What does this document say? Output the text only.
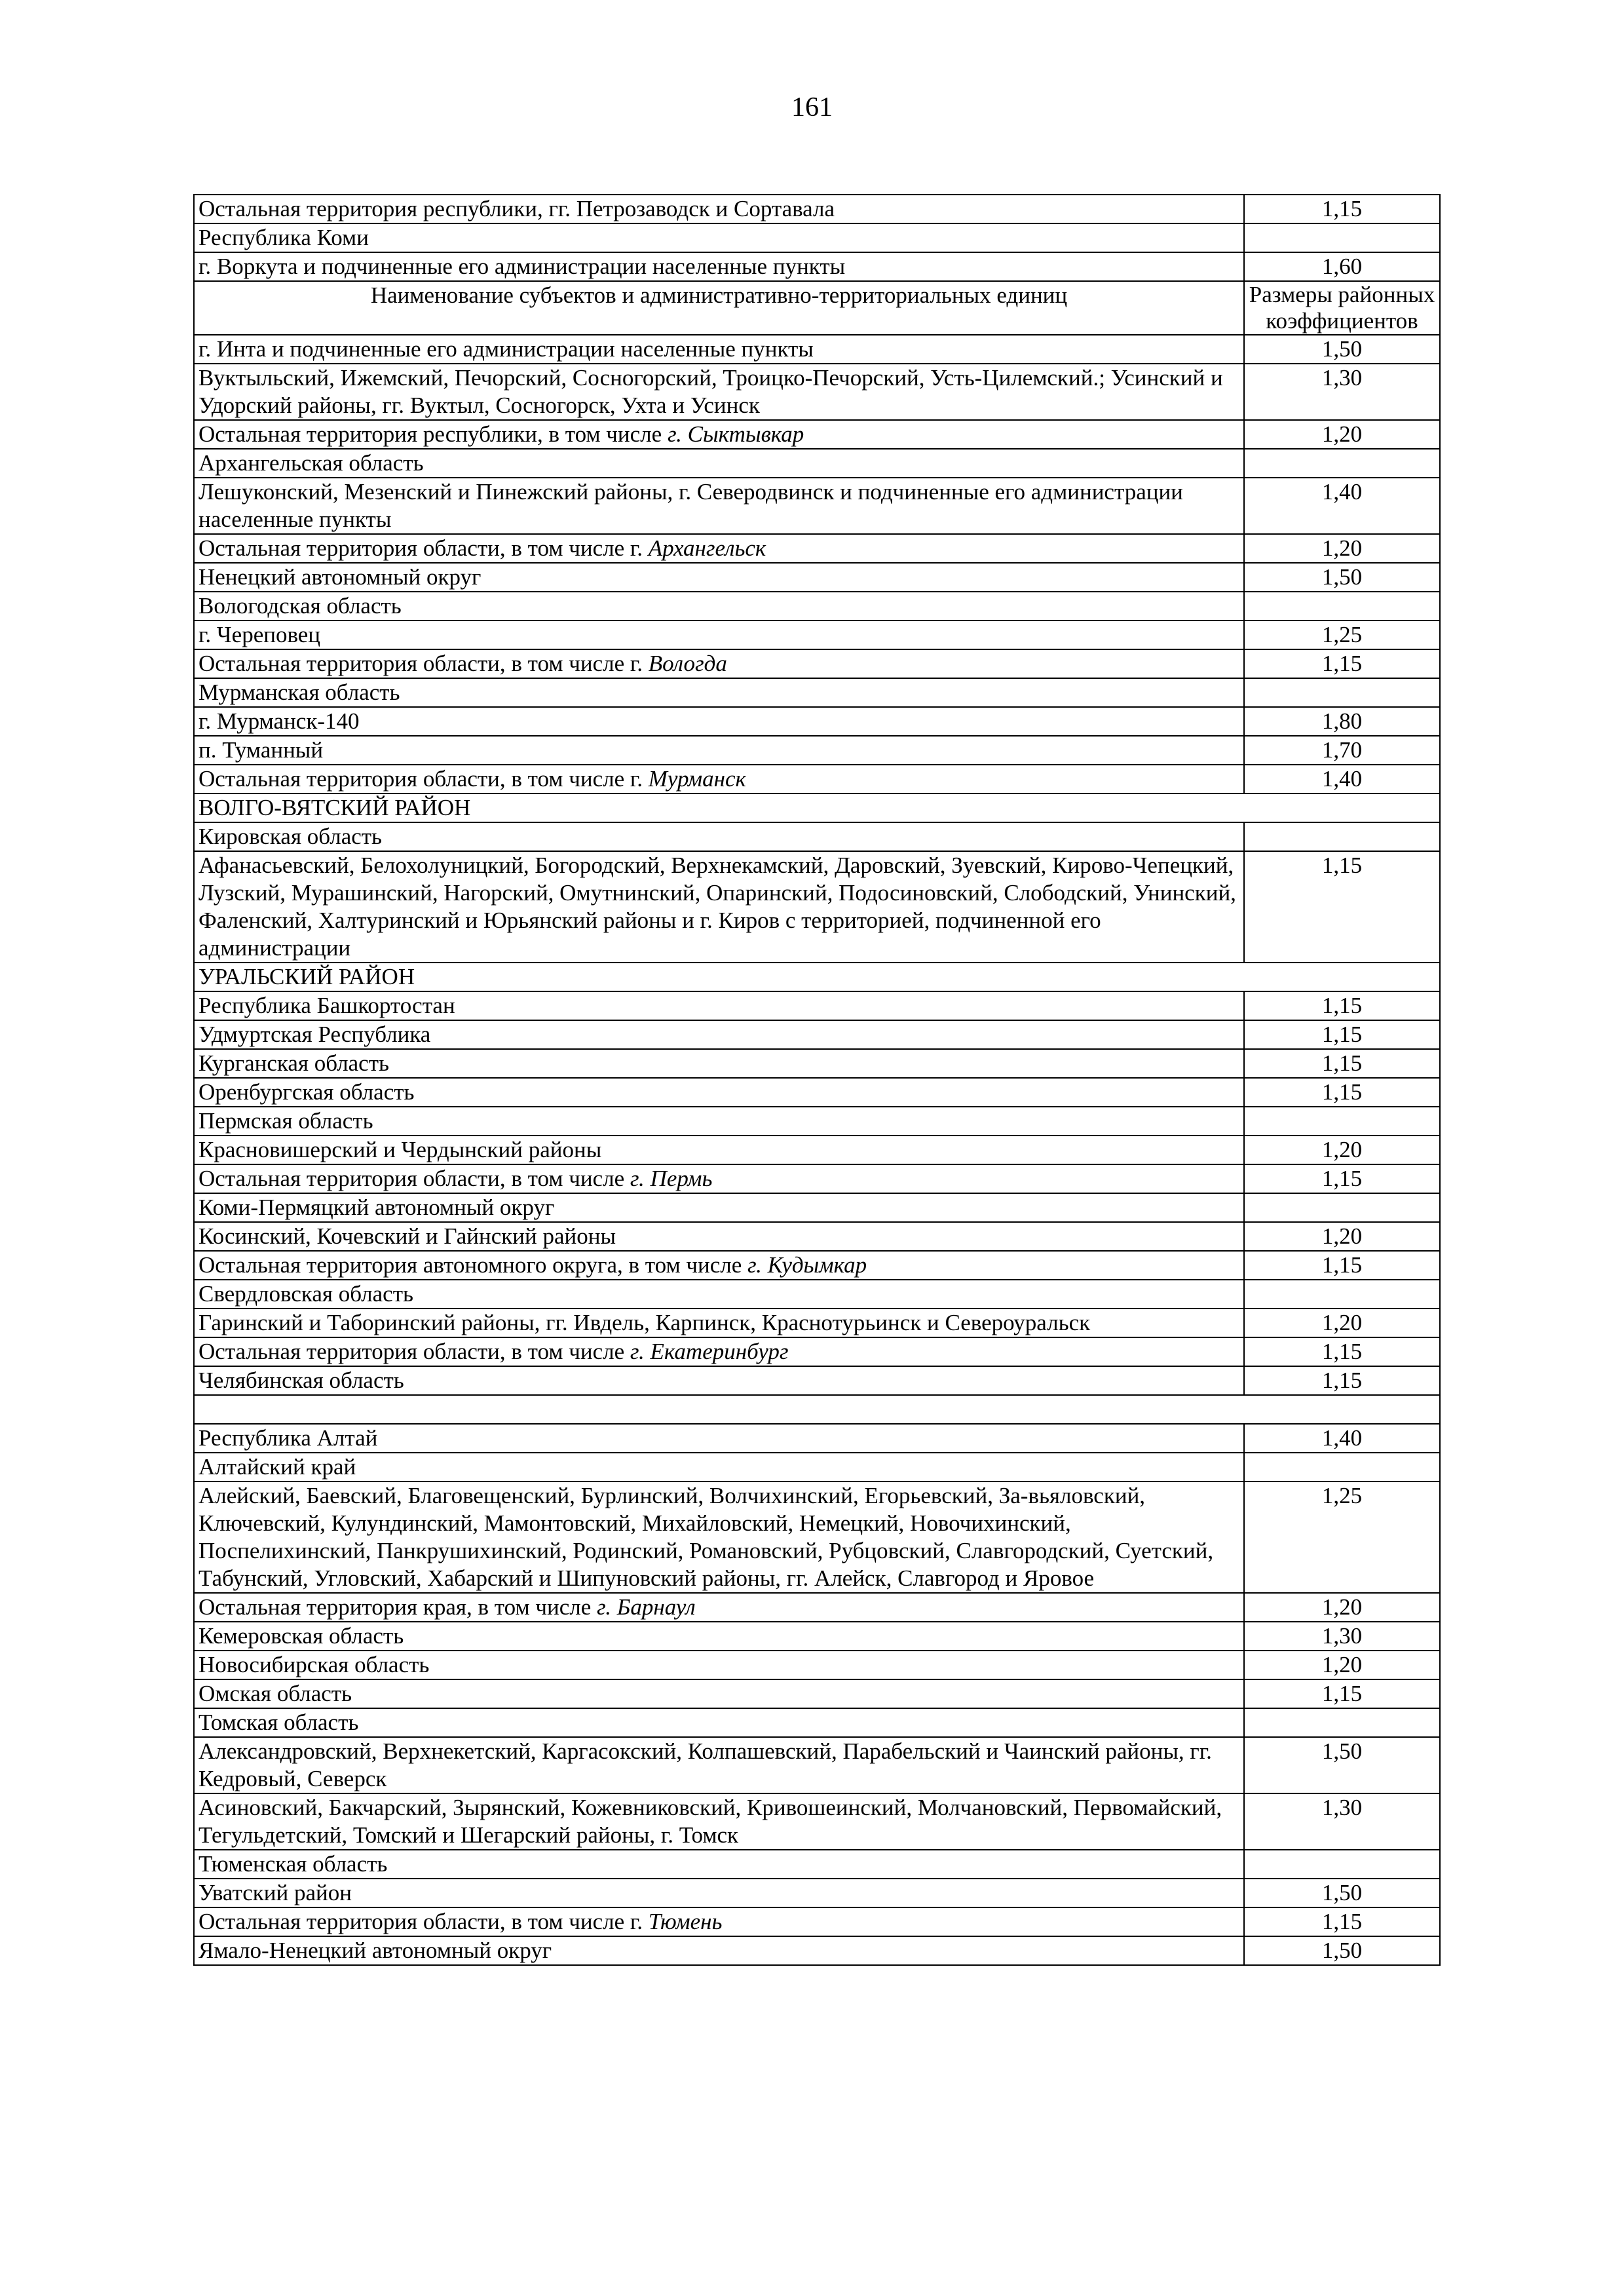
161
Остальная территория республики, гг. Петрозаводск и Сортавала	1,15
Республика Коми	
г. Воркута и подчиненные его администрации населенные пункты	1,60
Наименование субъектов и административно-территориальных единиц	Размеры районных коэффициентов
г. Инта и подчиненные его администрации населенные пункты	1,50
Вуктыльский, Ижемский, Печорский, Сосногорский, Троицко-Печорский, Усть-Цилемский.; Усинский и Удорский районы, гг. Вуктыл, Сосногорск, Ухта и Усинск	1,30
Остальная территория республики, в том числе г. Сыктывкар	1,20
Архангельская область	
Лешуконский, Мезенский и Пинежский районы, г. Северодвинск и подчиненные его администрации населенные пункты	1,40
Остальная территория области, в том числе г. Архангельск	1,20
Ненецкий автономный округ	1,50
Вологодская область	
г. Череповец	1,25
Остальная территория области, в том числе г. Вологда	1,15
Мурманская область	
г. Мурманск-140	1,80
п. Туманный	1,70
Остальная территория области, в том числе г. Мурманск	1,40
ВОЛГО-ВЯТСКИЙ РАЙОН	
Кировская область	
Афанасьевский, Белохолуницкий, Богородский, Верхнекамский, Даровский, Зуевский, Кирово-Чепецкий, Лузский, Мурашинский, Нагорский, Омутнинский, Опаринский, Подосиновский, Слободский, Унинский, Фаленский, Халтуринский и Юрьянский районы и г. Киров с территорией, подчиненной его администрации	1,15
УРАЛЬСКИЙ РАЙОН	
Республика Башкортостан	1,15
Удмуртская Республика	1,15
Курганская область	1,15
Оренбургская область	1,15
Пермская область	
Красновишерский и Чердынский районы	1,20
Остальная территория области, в том числе г. Пермь	1,15
Коми-Пермяцкий автономный округ	
Косинский, Кочевский и Гайнский районы	1,20
Остальная территория автономного округа, в том числе г. Кудымкар	1,15
Свердловская область	
Гаринский и Таборинский районы, гг. Ивдель, Карпинск, Краснотурьинск и Североуральск	1,20
Остальная территория области, в том числе г. Екатеринбург	1,15
Челябинская область	1,15

Республика Алтай	1,40
Алтайский край	
Алейский, Баевский, Благовещенский, Бурлинский, Волчихинский, Егорьевский, За-вьяловский, Ключевский, Кулундинский, Мамонтовский, Михайловский, Немецкий, Новочихинский, Поспелихинский, Панкрушихинский, Родинский, Романовский, Рубцовский, Славгородский, Суетский, Табунский, Угловский, Хабарский и Шипуновский районы, гг. Алейск, Славгород и Яровое	1,25
Остальная территория края, в том числе г. Барнаул	1,20
Кемеровская область	1,30
Новосибирская область	1,20
Омская область	1,15
Томская область	
Александровский, Верхнекетский, Каргасокский, Колпашевский, Парабельский и Чаинский районы, гг. Кедровый, Северск	1,50
Асиновский, Бакчарский, Зырянский, Кожевниковский, Кривошеинский, Молчановский, Первомайский, Тегульдетский, Томский и Шегарский районы, г. Томск	1,30
Тюменская область	
Уватский район	1,50
Остальная территория области, в том числе г. Тюмень	1,15
Ямало-Ненецкий автономный округ	1,50
